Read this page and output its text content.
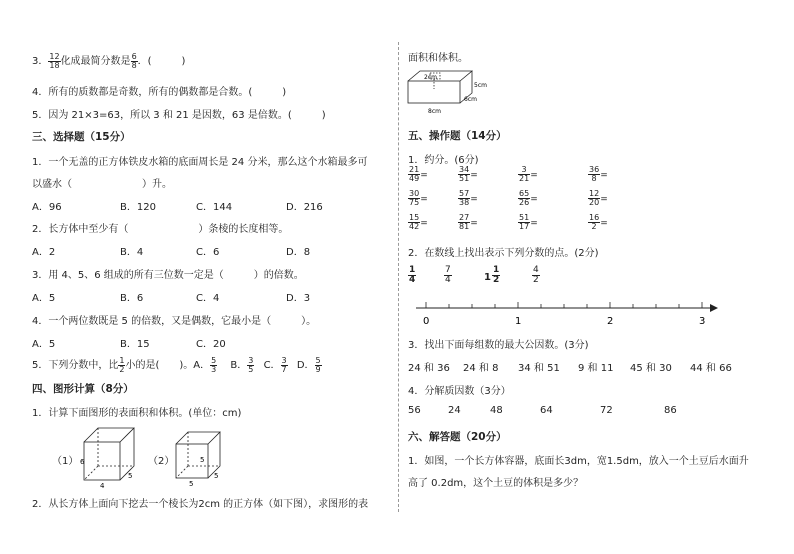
3． $\frac{12}{18}$ 化成最简分数是 $\frac{6}{8}$ ．(　　　)
4．所有的质数都是奇数，所有的偶数都是合数。(　　　)
5．因为 21×3=63，所以 3 和 21 是因数，63 是倍数。(　　　)
三、选择题（15分）
1．一个无盖的正方体铁皮水箱的底面周长是 24 分米，那么这个水箱最多可
以盛水（　　　　　　　）升。
A．96	B．120	C．144	D．216
2．长方体中至少有（　　　　　　　）条棱的长度相等。
A．2	B．4	C．6	D．8
3．用 4、5、6 组成的所有三位数一定是（　　　）的倍数。
A．5	B．6	C．4	D．3
4．一个两位数既是 5 的倍数，又是偶数，它最小是（　　　）。
A．5	B．15	C．20
5．下列分数中，比 $\frac{1}{2}$ 小的是(　　)。A． $\frac{5}{3}$ B． $\frac{3}{5}$ C． $\frac{3}{7}$ D． $\frac{5}{9}$
四、图形计算（8分）
1．计算下面图形的表面积和体积。(单位：cm)
（1） 6
4
5
（2）	5
5
5
2．从长方体上面向下挖去一个棱长为2cm 的正方体（如下图），求图形的表
面积和体积。
2cm
5cm
6cm
8cm
五、操作题（14分）
1．约分。(6分)
$\frac{21}{49}$ =	$\frac{34}{51}$ =	$\frac{3}{21}$ =	$\frac{36}{8}$ =
$\frac{30}{75}$ =	$\frac{57}{38}$ =	$\frac{65}{26}$ =	$\frac{12}{20}$ =
$\frac{15}{42}$ =	$\frac{27}{81}$ =	$\frac{51}{17}$ =	$\frac{16}{2}$ =
2．在数线上找出表示下列分数的点。(2分)
$\frac{1}{4}$	$\frac{7}{4}$	$1 \frac{1}{2}$	$\frac{4}{2}$
0	1	2	3
3．找出下面每组数的最大公因数。(3分)
24 和 36 24 和 8 34 和 51 9 和 11 45 和 30 44 和 66
4．分解质因数（3分）
56	24	48	64	72	86
六、解答题（20分）
1．如图，一个长方体容器，底面长3dm，宽1.5dm，放入一个土豆后水面升
高了 0.2dm，这个土豆的体积是多少？
